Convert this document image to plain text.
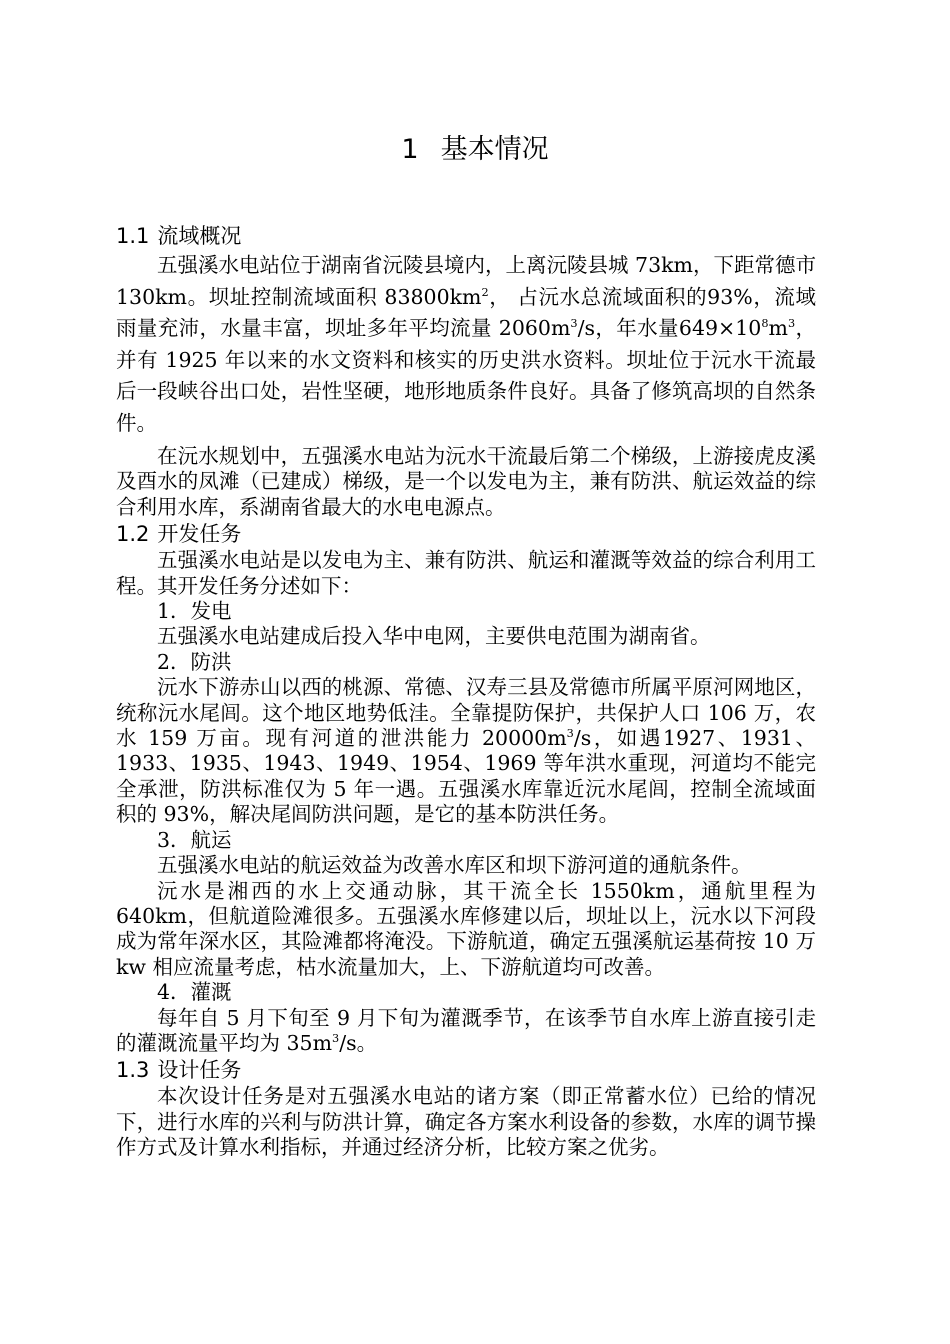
1 基本情况
1.1 流域概况

五强溪水电站位于湖南省沅陵县境内，上离沅陵县城 73km，下距常德市 130km。坝址控制流域面积 $83800km^2$， 占沅水总流域面积的93%，流域雨量充沛，水量丰富，坝址多年平均流量 $2060m^3/s$，年水量$649\times 10^8m^3$，并有 1925 年以来的水文资料和核实的历史洪水资料。坝址位于沅水干流最后一段峡谷出口处，岩性坚硬，地形地质条件良好。具备了修筑高坝的自然条件。

在沅水规划中，五强溪水电站为沅水干流最后第二个梯级，上游接虎皮溪及酉水的凤滩（已建成）梯级，是一个以发电为主，兼有防洪、航运效益的综合利用水库，系湖南省最大的水电电源点。

1.2 开发任务

五强溪水电站是以发电为主、兼有防洪、航运和灌溉等效益的综合利用工程。其开发任务分述如下：

1．发电

五强溪水电站建成后投入华中电网，主要供电范围为湖南省。

2．防洪

沅水下游赤山以西的桃源、常德、汉寿三县及常德市所属平原河网地区，统称沅水尾闾。这个地区地势低洼。全靠提防保护，共保护人口 106 万，农水 159 万亩。现有河道的泄洪能力 $20000m^3/s$，如遇1927、1931、1933、1935、1943、1949、1954、1969 等年洪水重现，河道均不能完全承泄，防洪标准仅为 5 年一遇。五强溪水库靠近沅水尾闾，控制全流域面积的 93%，解决尾闾防洪问题，是它的基本防洪任务。

3．航运

五强溪水电站的航运效益为改善水库区和坝下游河道的通航条件。

沅水是湘西的水上交通动脉，其干流全长 1550km，通航里程为640km，但航道险滩很多。五强溪水库修建以后，坝址以上，沅水以下河段成为常年深水区，其险滩都将淹没。下游航道，确定五强溪航运基荷按 10 万 kw 相应流量考虑，枯水流量加大，上、下游航道均可改善。

4．灌溉

每年自 5 月下旬至 9 月下旬为灌溉季节，在该季节自水库上游直接引走的灌溉流量平均为 $35m^3/s$。

1.3 设计任务

本次设计任务是对五强溪水电站的诸方案（即正常蓄水位）已给的情况下，进行水库的兴利与防洪计算，确定各方案水利设备的参数，水库的调节操作方式及计算水利指标，并通过经济分析，比较方案之优劣。
